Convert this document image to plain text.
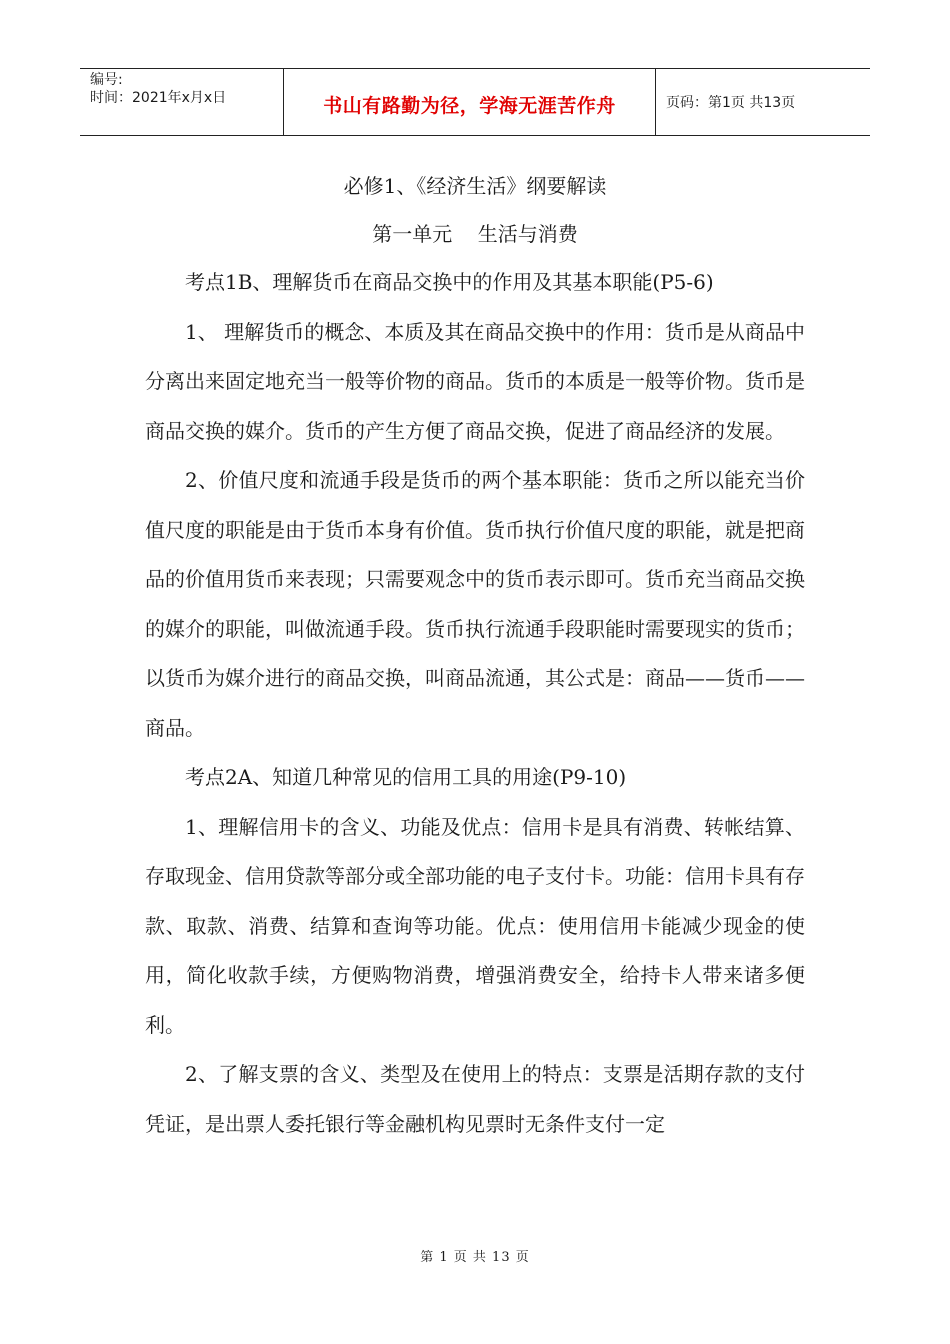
编号:
时间：2021年x月x日	书山有路勤为径，学海无涯苦作舟	页码：第1页 共13页
必修1、《经济生活》纲要解读
第一单元    生活与消费

考点1B、理解货币在商品交换中的作用及其基本职能(P5-6)

1、 理解货币的概念、本质及其在商品交换中的作用：货币是从商品中分离出来固定地充当一般等价物的商品。货币的本质是一般等价物。货币是商品交换的媒介。货币的产生方便了商品交换，促进了商品经济的发展。

2、价值尺度和流通手段是货币的两个基本职能：货币之所以能充当价值尺度的职能是由于货币本身有价值。货币执行价值尺度的职能，就是把商品的价值用货币来表现；只需要观念中的货币表示即可。货币充当商品交换的媒介的职能，叫做流通手段。货币执行流通手段职能时需要现实的货币；以货币为媒介进行的商品交换，叫商品流通，其公式是：商品——货币——商品。

考点2A、知道几种常见的信用工具的用途(P9-10)

1、理解信用卡的含义、功能及优点：信用卡是具有消费、转帐结算、存取现金、信用贷款等部分或全部功能的电子支付卡。功能：信用卡具有存款、取款、消费、结算和查询等功能。优点：使用信用卡能减少现金的使用，简化收款手续，方便购物消费，增强消费安全，给持卡人带来诸多便利。

2、了解支票的含义、类型及在使用上的特点：支票是活期存款的支付凭证，是出票人委托银行等金融机构见票时无条件支付一定

第 1 页 共 13 页
